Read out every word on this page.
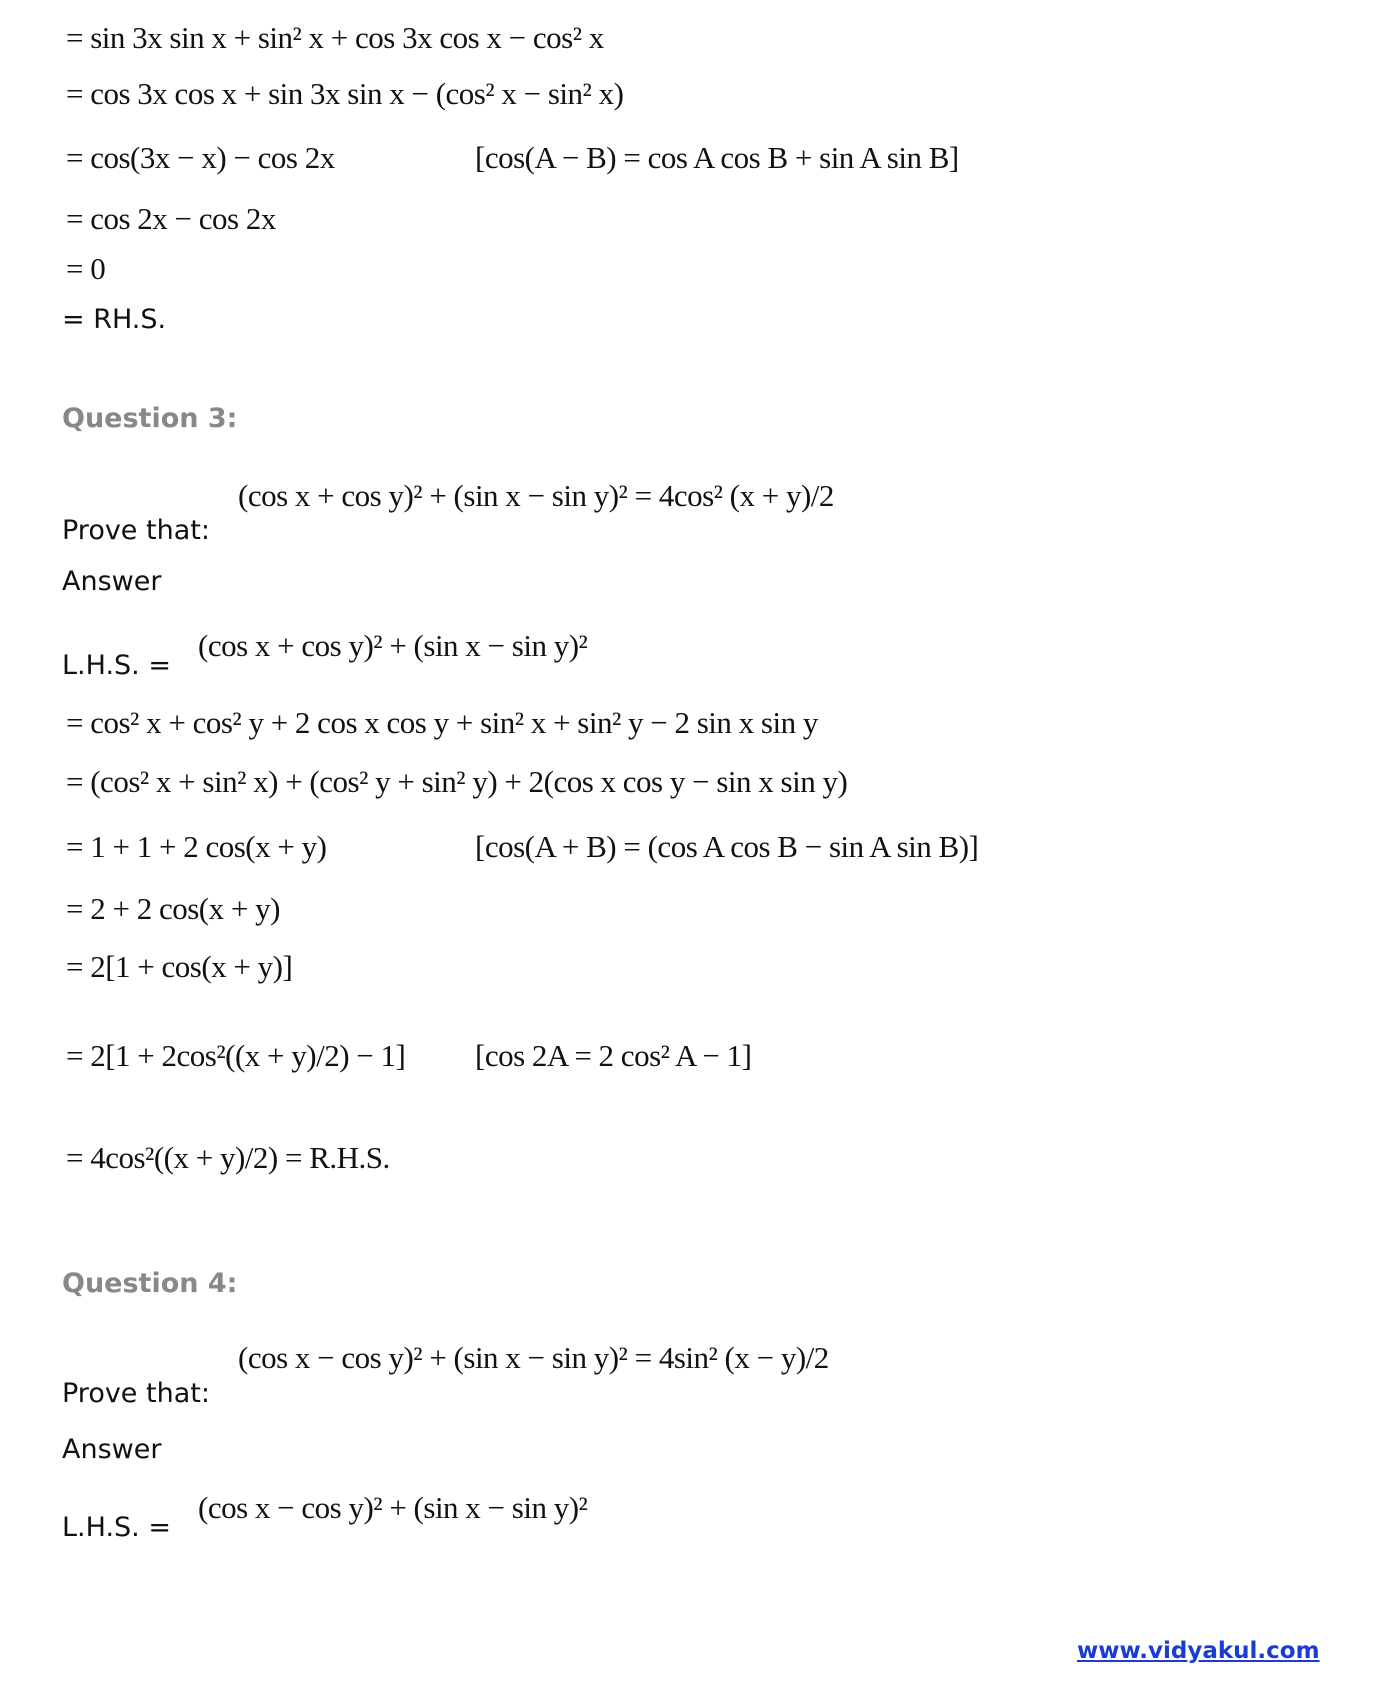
= sin 3x sin x + sin² x + cos 3x cos x − cos² x
= cos 3x cos x + sin 3x sin x − (cos² x − sin² x)
= cos(3x − x) − cos 2x	[cos(A − B) = cos A cos B + sin A sin B]
= cos 2x − cos 2x
= 0
= RH.S.
Question 3:
(cos x + cos y)² + (sin x − sin y)² = 4cos² (x + y)/2
Prove that:
Answer
L.H.S. =
(cos x + cos y)² + (sin x − sin y)²
= cos² x + cos² y + 2 cos x cos y + sin² x + sin² y − 2 sin x sin y
= (cos² x + sin² x) + (cos² y + sin² y) + 2(cos x cos y − sin x sin y)
= 1 + 1 + 2 cos(x + y)	[cos(A + B) = (cos A cos B − sin A sin B)]
= 2 + 2 cos(x + y)
= 2[1 + cos(x + y)]
= 2[1 + 2cos²((x + y)/2) − 1] [cos 2A = 2 cos² A − 1]
= 4cos²((x + y)/2) = R.H.S.
Question 4:
(cos x − cos y)² + (sin x − sin y)² = 4sin² (x − y)/2
Prove that:
Answer
L.H.S. =
(cos x − cos y)² + (sin x − sin y)²
www.vidyakul.com
